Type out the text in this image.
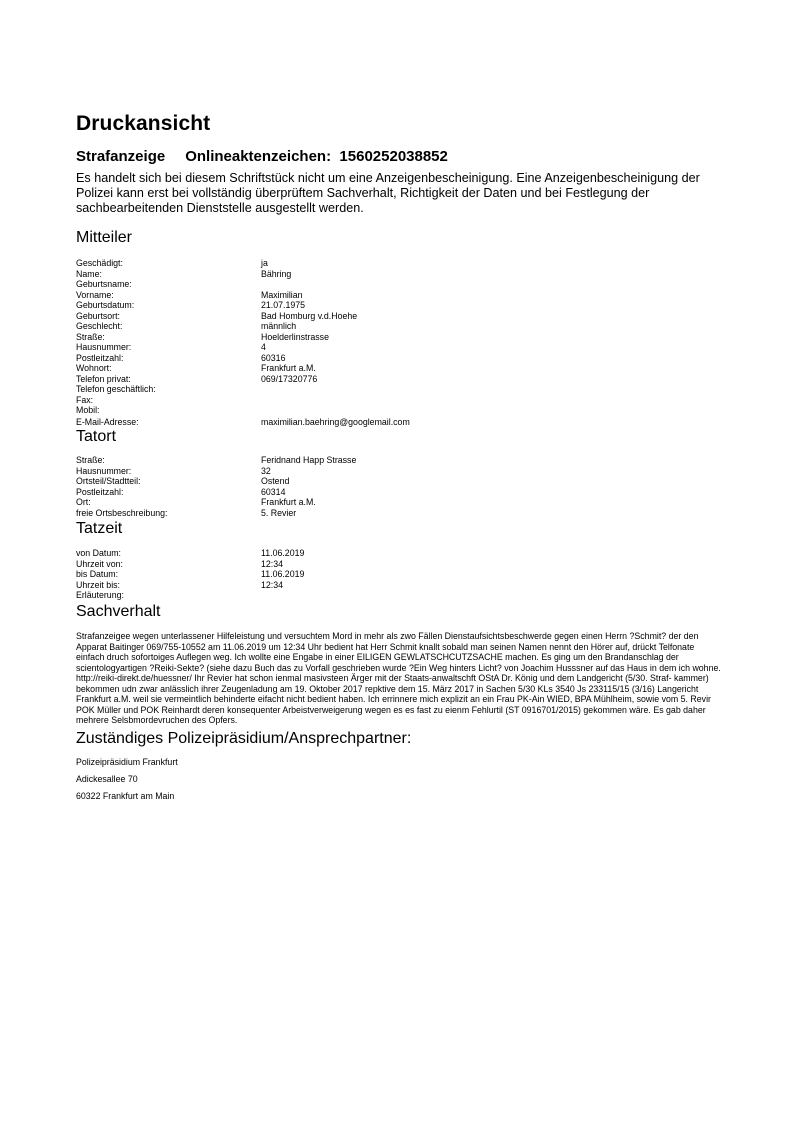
Druckansicht
Strafanzeige Onlineaktenzeichen: 1560252038852

Es handelt sich bei diesem Schriftstück nicht um eine Anzeigenbescheinigung. Eine Anzeigenbescheinigung der Polizei kann erst bei vollständig überprüftem Sachverhalt, Richtigkeit der Daten und bei Festlegung der sachbearbeitenden Dienststelle ausgestellt werden.

Mitteiler
Geschädigt:	ja
Name:	Bähring
Geburtsname:
Vorname:	Maximilian
Geburtsdatum:	21.07.1975
Geburtsort:	Bad Homburg v.d.Hoehe
Geschlecht:	männlich
Straße:	Hoelderlinstrasse
Hausnummer:	4
Postleitzahl:	60316
Wohnort:	Frankfurt a.M.
Telefon privat:	069/17320776
Telefon geschäftlich:
Fax:
Mobil:
E-Mail-Adresse:	maximilian.baehring@googlemail.com
Tatort
Straße:	Feridnand Happ Strasse
Hausnummer:	32
Ortsteil/Stadtteil:	Ostend
Postleitzahl:	60314
Ort:	Frankfurt a.M.
freie Ortsbeschreibung:	5. Revier
Tatzeit
von Datum:	11.06.2019
Uhrzeit von:	12:34
bis Datum:	11.06.2019
Uhrzeit bis:	12:34
Erläuterung:
Sachverhalt

Strafanzeigee wegen unterlassener Hilfeleistung und versuchtem Mord in mehr als zwo Fällen Dienstaufsichtsbeschwerde gegen einen Herrn ?Schmit? der den Apparat Baitinger 069/755-10552 am 11.06.2019 um 12:34 Uhr bedient hat Herr Schmit knallt sobald man seinen Namen nennt den Hörer auf, drückt Telfonate einfach druch sofortoiges Auflegen weg. Ich wollte eine Engabe in einer EILIGEN GEWLATSCHCUTZSACHE machen. Es ging um den Brandanschlag der scientologyartigen ?Reiki-Sekte? (siehe dazu Buch das zu Vorfall geschrieben wurde ?Ein Weg hinters Licht? von Joachim Husssner auf das Haus in dem ich wohne. http://reiki-direkt.de/huessner/ Ihr Revier hat schon ienmal masivsteen Ärger mit der Staats-anwaltschft OStA Dr. König und dem Landgericht (5/30. Straf- kammer) bekommen udn zwar anlässlich ihrer Zeugenladung am 19. Oktober 2017 repktive dem 15. März 2017 in Sachen 5/30 KLs 3540 Js 233115/15 (3/16) Langericht Frankfurt a.M. weil sie vermeintlich behinderte eifacht nicht bedient haben. Ich errinnere mich explizit an ein Frau PK-Ain WIED, BPA Mühlheim, sowie vom 5. Revir POK Müller und POK Reinhardt deren konsequenter Arbeistverweigerung wegen es es fast zu eienm Fehlurtil (ST 0916701/2015) gekommen wäre. Es gab daher mehrere Selsbmordevruchen des Opfers.

Zuständiges Polizeipräsidium/Ansprechpartner:
Polizeipräsidium Frankfurt
Adickesallee 70
60322 Frankfurt am Main
